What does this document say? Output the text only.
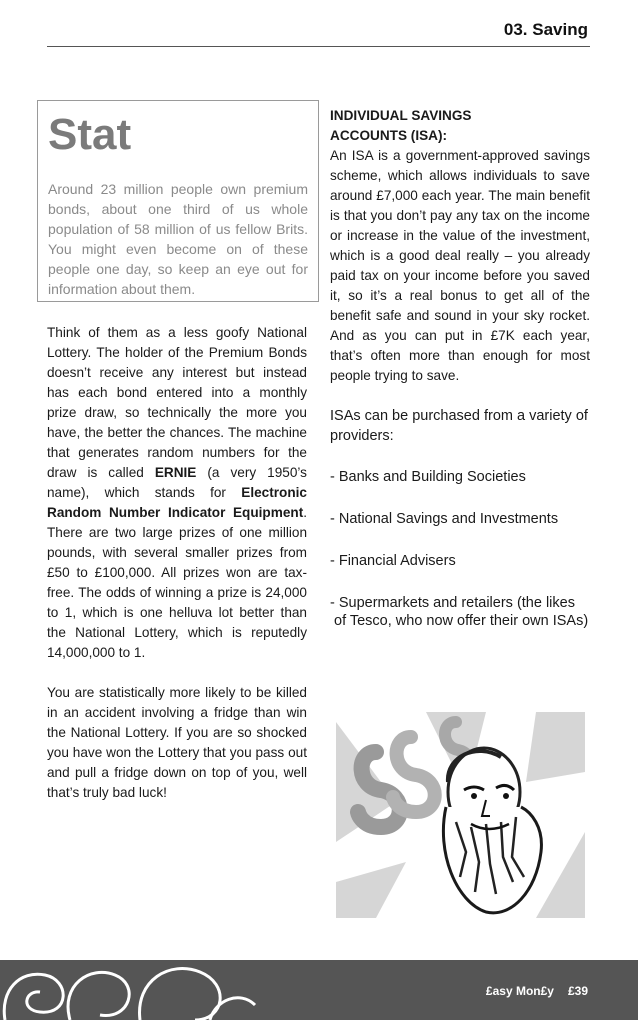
03. Saving
Stat
Around 23 million people own premium bonds, about one third of us whole population of 58 million of us fellow Brits. You might even become on of these people one day, so keep an eye out for information about them.

Think of them as a less goofy National Lottery. The holder of the Premium Bonds doesn’t receive any interest but instead has each bond entered into a monthly prize draw, so technically the more you have, the better the chances. The machine that generates random numbers for the draw is called ERNIE (a very 1950’s name), which stands for Electronic Random Number Indicator Equipment. There are two large prizes of one million pounds, with several smaller prizes from £50 to £100,000. All prizes won are tax-free. The odds of winning a prize is 24,000 to 1, which is one helluva lot better than the National Lottery, which is reputedly 14,000,000 to 1.

You are statistically more likely to be killed in an accident involving a fridge than win the National Lottery. If you are so shocked you have won the Lottery that you pass out and pull a fridge down on top of you, well that’s truly bad luck!

INDIVIDUAL SAVINGS
ACCOUNTS (ISA):
An ISA is a government-approved savings scheme, which allows individuals to save around £7,000 each year. The main benefit is that you don’t pay any tax on the income or increase in the value of the investment, which is a good deal really – you already paid tax on your income before you saved it, so it’s a real bonus to get all of the benefit safe and sound in your sky rocket. And as you can put in £7K each year, that’s often more than enough for most people trying to save.
ISAs can be purchased from a variety of providers:
- Banks and Building Societies
- National Savings and Investments
- Financial Advisers
- Supermarkets and retailers (the likes of Tesco, who now offer their own ISAs)
£asy Mon£y £39
